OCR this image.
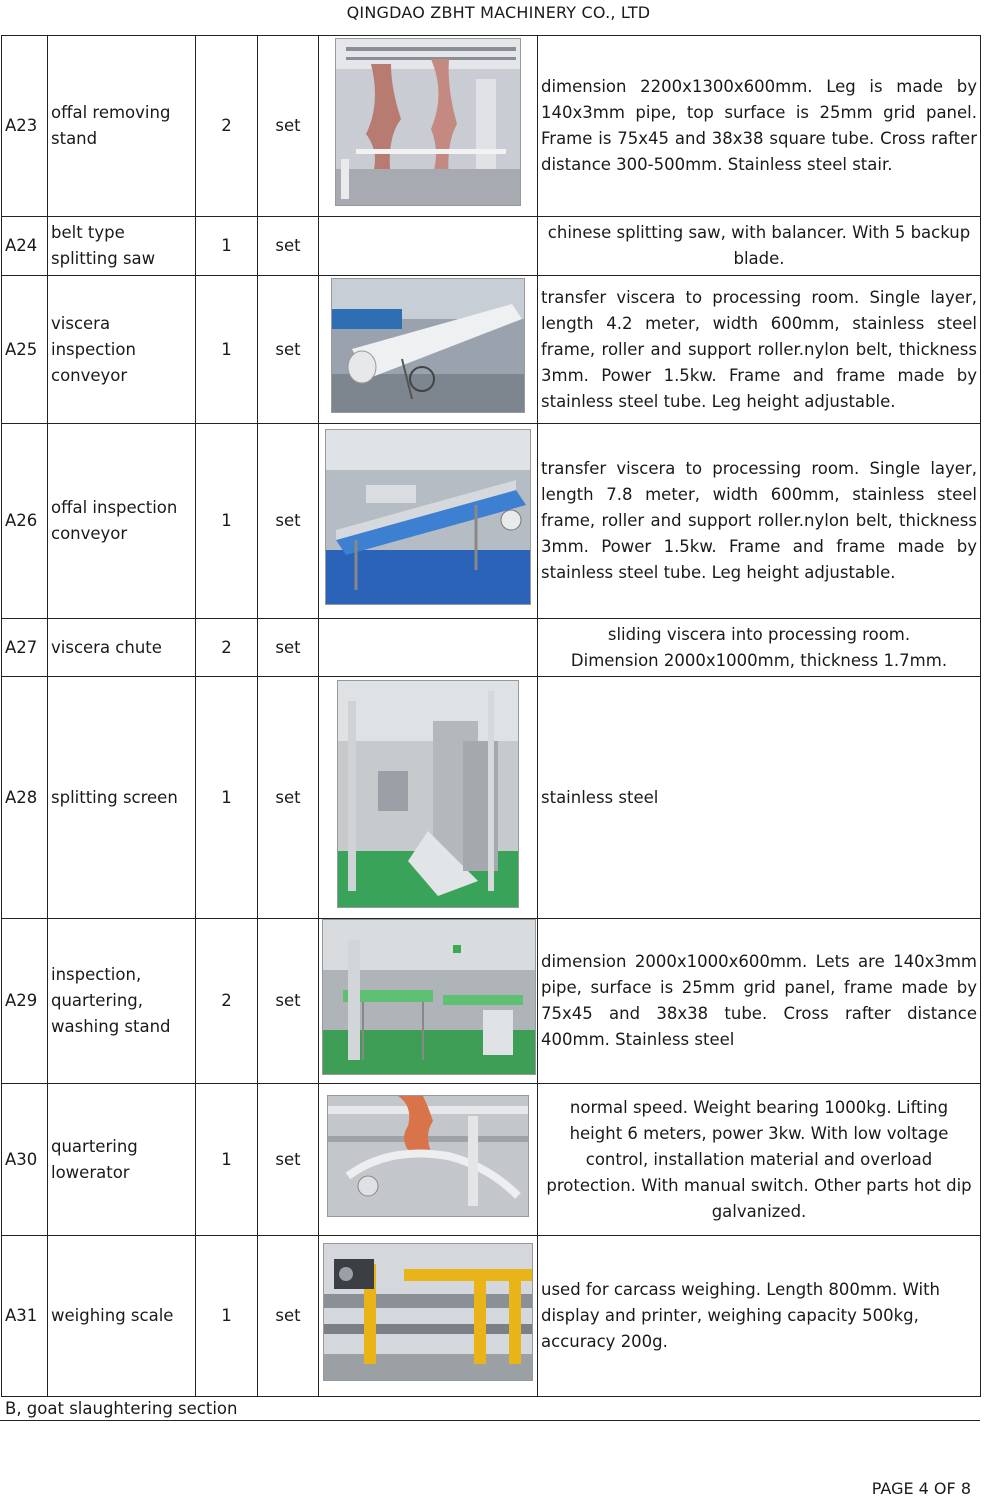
QINGDAO ZBHT MACHINERY CO., LTD
A23	offal removing stand	2	set		dimension 2200x1300x600mm. Leg is made by 140x3mm pipe, top surface is 25mm grid panel. Frame is 75x45 and 38x38 square tube. Cross rafter distance 300-500mm. Stainless steel stair.
A24	belt type splitting saw	1	set		chinese splitting saw, with balancer. With 5 backup blade.
A25	viscera inspection conveyor	1	set		transfer viscera to processing room. Single layer, length 4.2 meter, width 600mm, stainless steel frame, roller and support roller.nylon belt, thickness 3mm. Power 1.5kw. Frame and frame made by stainless steel tube. Leg height adjustable.
A26	offal inspection conveyor	1	set		transfer viscera to processing room. Single layer, length 7.8 meter, width 600mm, stainless steel frame, roller and support roller.nylon belt, thickness 3mm. Power 1.5kw. Frame and frame made by stainless steel tube. Leg height adjustable.
A27	viscera chute	2	set		sliding viscera into processing room.
Dimension 2000x1000mm, thickness 1.7mm.

A28	splitting screen	1	set		stainless steel
A29	inspection, quartering, washing stand	2	set		dimension 2000x1000x600mm. Lets are 140x3mm pipe, surface is 25mm grid panel, frame made by 75x45 and 38x38 tube. Cross rafter distance 400mm. Stainless steel
A30	quartering lowerator	1	set		normal speed. Weight bearing 1000kg. Lifting height 6 meters, power 3kw. With low voltage control, installation material and overload protection. With manual switch. Other parts hot dip galvanized.
A31	weighing scale	1	set		used for carcass weighing. Length 800mm. With display and printer, weighing capacity 500kg, accuracy 200g.
B, goat slaughtering section
PAGE 4 OF 8
